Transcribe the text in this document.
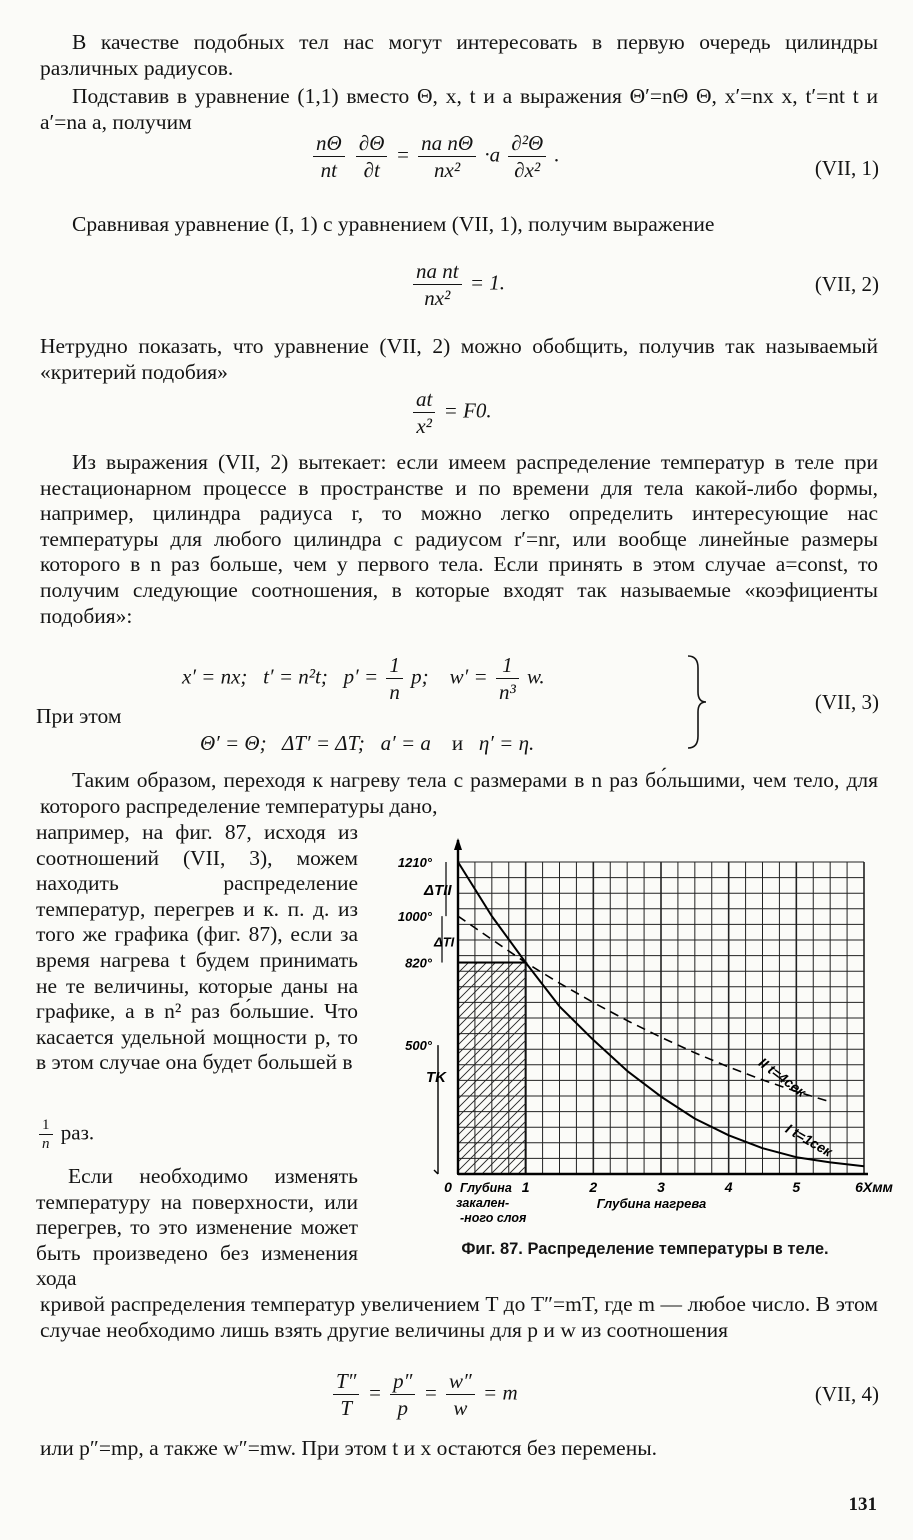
В качестве подобных тел нас могут интересовать в первую очередь цилиндры различных радиусов.

Подставив в уравнение (1,1) вместо Θ, x, t и a выражения Θ′=nΘ Θ, x′=nx x, t′=nt t и a′=na a, получим

$\frac{n\Theta}{nt}$
$\frac{\partial\Theta}{\partial t} = \frac{\text{na nΘ}}{\text{nx²}} \cdot a \frac{\text{∂²Θ}}{\text{∂x²}}$ .
(VII, 1)

Сравнивая уравнение (I, 1) с уравнением (VII, 1), получим выражение

$\frac{\text{na nt}}{\text{nx²}} = 1$.	(VII, 2)

Нетрудно показать, что уравнение (VII, 2) можно обобщить, получив так называемый «критерий подобия»

$\frac{at}{\text{x²}} = F0$.

Из выражения (VII, 2) вытекает: если имеем распределение температур в теле при нестационарном процессе в пространстве и по времени для тела какой-либо формы, например, цилиндра радиуса r, то можно легко определить интересующие нас температуры для любого цилиндра с радиусом r′=nr, или вообще линейные размеры которого в n раз больше, чем у первого тела. Если принять в этом случае a=const, то получим следующие соотношения, в которые входят так называемые «коэфициенты подобия»:

x′ = nx; t′ = n²t; $p' = \frac{1}{n} p$; $w' = \frac{1}{\text{n³}} w$.

При этом

Θ′ = Θ; ΔT′ = ΔT; a′ = a и η′ = η.
(VII, 3)

Таким образом, переходя к нагреву тела с размерами в n раз бо́льшими, чем тело, для которого распределение температуры дано,

например, на фиг. 87, исходя из соотношений (VII, 3), можем находить распределение температур, перегрев и к. п. д. из того же графика (фиг. 87), если за время нагрева t будем принимать не те величины, которые даны на графике, а в n² раз бо́льшие. Что касается удельной мощности p, то в этом случае она будет большей в

$\frac{1}{n}$ раз.

Если необходимо изменять температуру на поверхности, или перегрев, то это изменение может быть произведено без изменения хода

кривой распределения температур увеличением T до T″=mT, где m — любое число. В этом случае необходимо лишь взять другие величины для p и w из соотношения

$\frac{T''}{T} = \frac{p''}{p} = \frac{w''}{w} = m$	(VII, 4)

или p″=mp, а также w″=mw. При этом t и x остаются без перемены.

1210°
1000°
820°
500°
ΔTII
ΔTI
TK
0	1	2	3	4	5	6Хмм
Глубина
закален-
-ного слоя
Глубина нагрева
II t=4сек
I t=1сек
Фиг. 87. Распределение температуры в теле.
131
